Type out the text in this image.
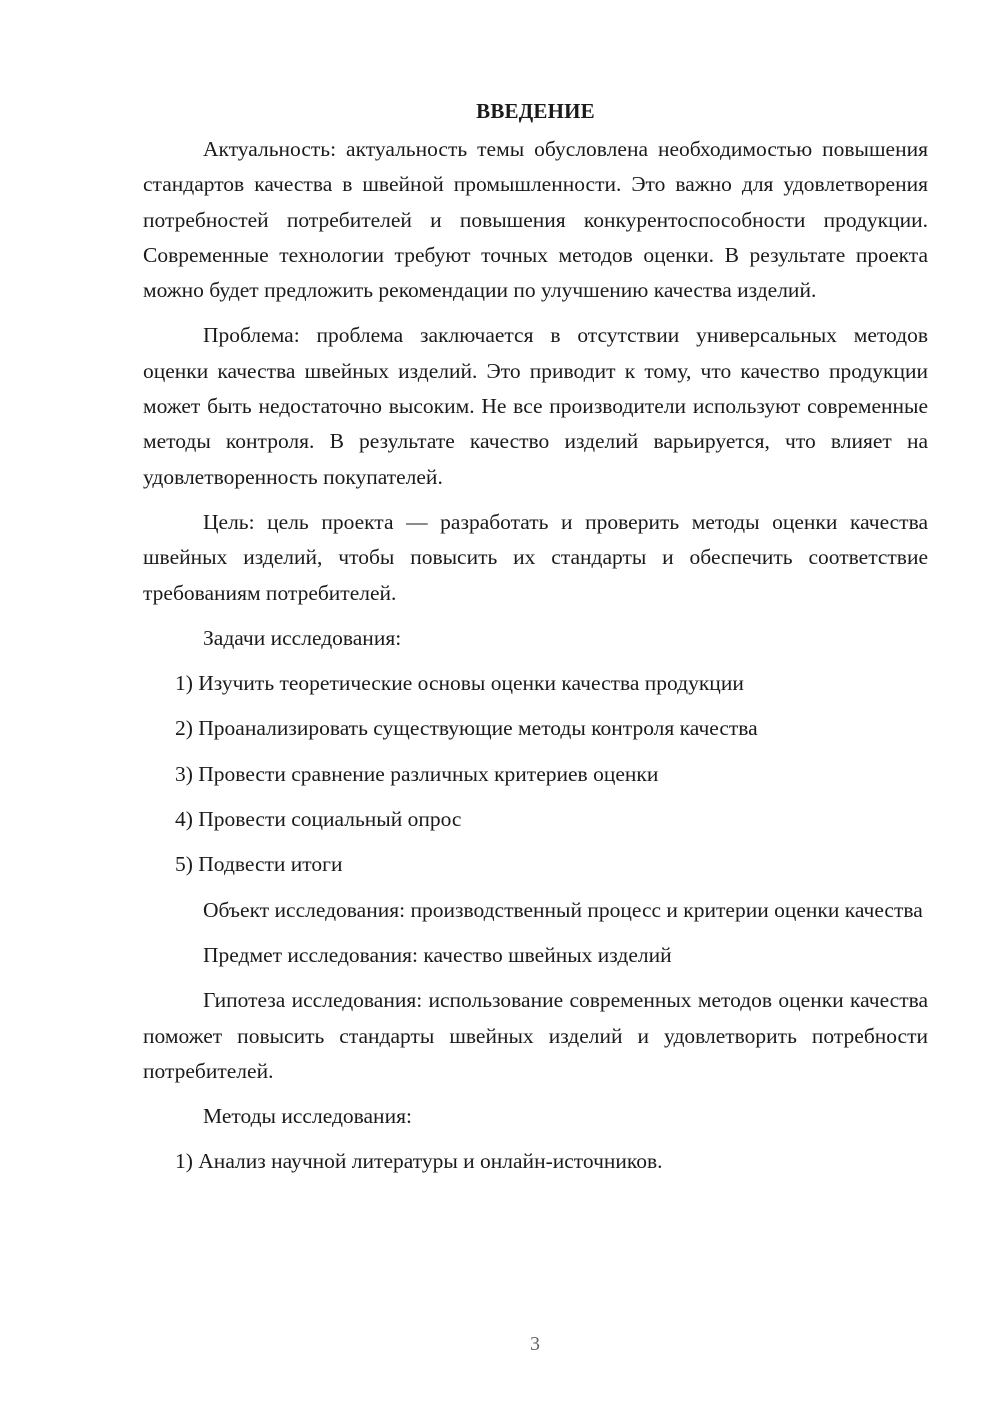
ВВЕДЕНИЕ
Актуальность: актуальность темы обусловлена необходимостью повышения стандартов качества в швейной промышленности. Это важно для удовлетворения потребностей потребителей и повышения конкурентоспособности продукции. Современные технологии требуют точных методов оценки. В результате проекта можно будет предложить рекомендации по улучшению качества изделий.
Проблема: проблема заключается в отсутствии универсальных методов оценки качества швейных изделий. Это приводит к тому, что качество продукции может быть недостаточно высоким. Не все производители используют современные методы контроля. В результате качество изделий варьируется, что влияет на удовлетворенность покупателей.
Цель: цель проекта — разработать и проверить методы оценки качества швейных изделий, чтобы повысить их стандарты и обеспечить соответствие требованиям потребителей.
Задачи исследования:
1) Изучить теоретические основы оценки качества продукции
2) Проанализировать существующие методы контроля качества
3) Провести сравнение различных критериев оценки
4) Провести социальный опрос
5) Подвести итоги
Объект исследования: производственный процесс и критерии оценки качества
Предмет исследования: качество швейных изделий
Гипотеза исследования: использование современных методов оценки качества поможет повысить стандарты швейных изделий и удовлетворить потребности потребителей.
Методы исследования:
1) Анализ научной литературы и онлайн-источников.
3
